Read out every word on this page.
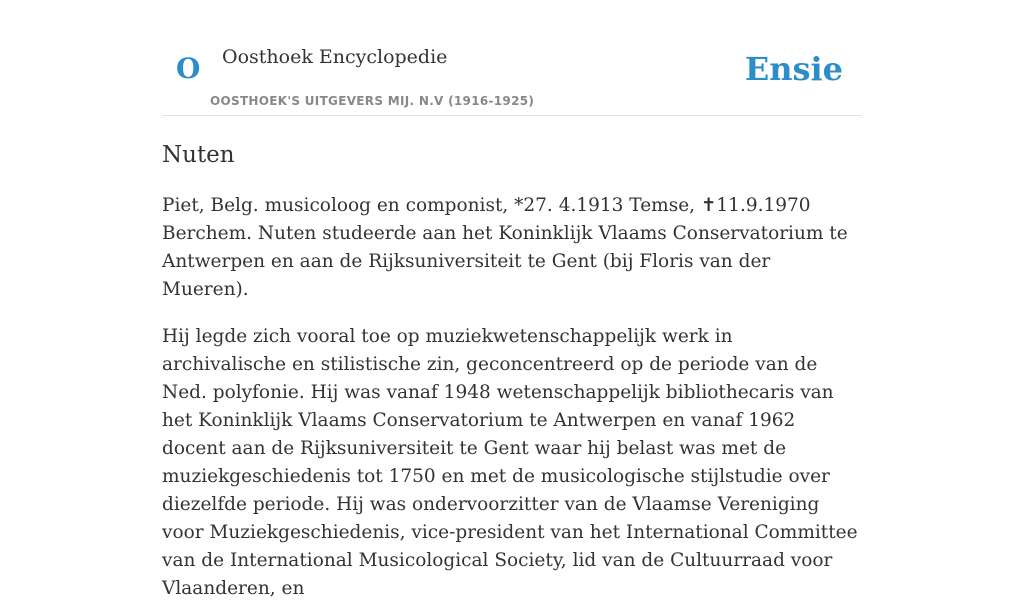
O Oosthoek Encyclopedie
OOSTHOEK'S UITGEVERS MIJ. N.V (1916-1925)
Ensie
Nuten

Piet, Belg. musicoloog en componist, *27. 4.1913 Temse, ✝11.9.1970 Berchem. Nuten studeerde aan het Koninklijk Vlaams Conservatorium te Antwerpen en aan de Rijksuniversiteit te Gent (bij Floris van der Mueren).

Hij legde zich vooral toe op muziekwetenschappelijk werk in archivalische en stilistische zin, geconcentreerd op de periode van de Ned. polyfonie. Hij was vanaf 1948 wetenschappelijk bibliothecaris van het Koninklijk Vlaams Conservatorium te Antwerpen en vanaf 1962 docent aan de Rijksuniversiteit te Gent waar hij belast was met de muziekgeschiedenis tot 1750 en met de musicologische stijlstudie over diezelfde periode. Hij was ondervoorzitter van de Vlaamse Vereniging voor Muziekgeschiedenis, vice-president van het International Committee van de International Musicological Society, lid van de Cultuurraad voor Vlaanderen, en
